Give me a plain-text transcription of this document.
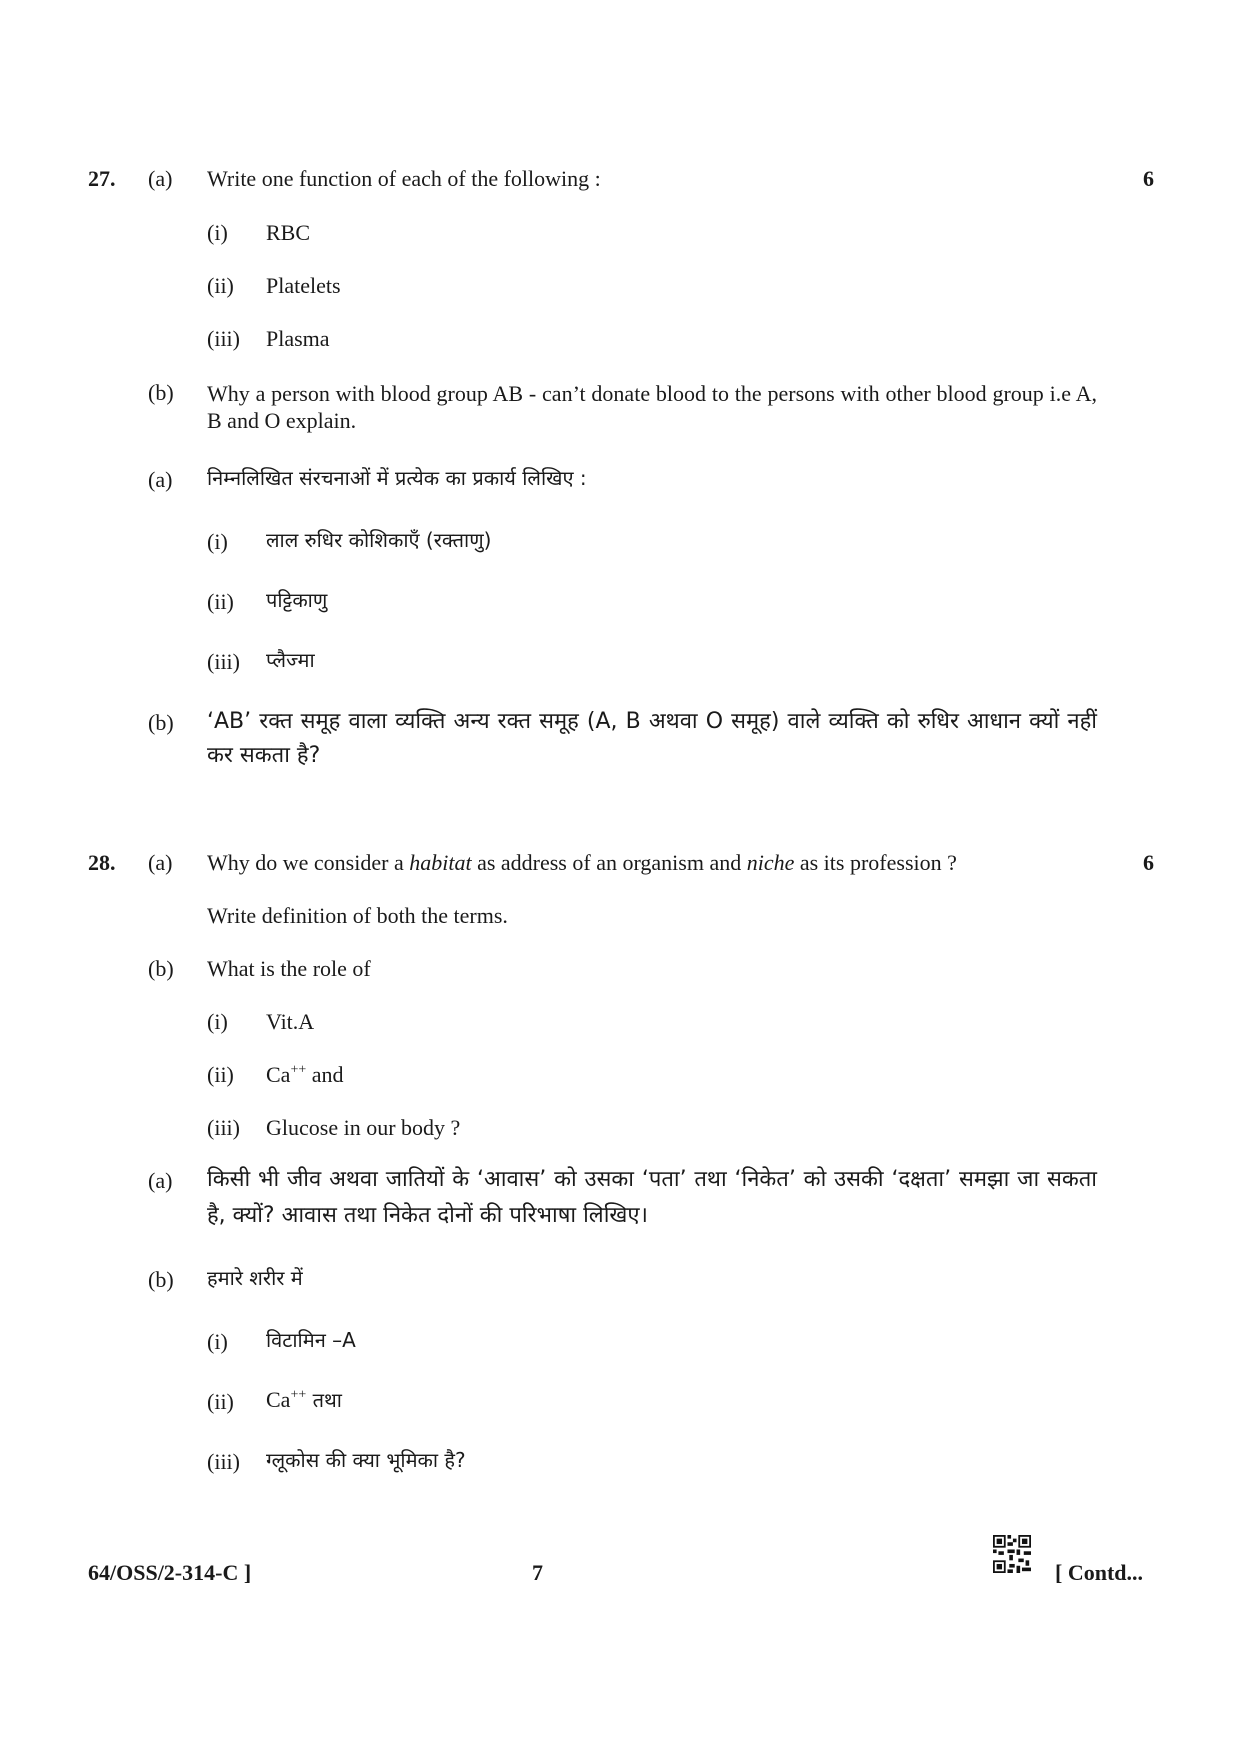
27. (a) Write one function of each of the following :	6
(i) RBC
(ii) Platelets
(iii) Plasma
(b) Why a person with blood group AB - can’t donate blood to the persons with other blood group i.e A, B and O explain.
(a) निम्नलिखित संरचनाओं में प्रत्येक का प्रकार्य लिखिए :
(i) लाल रुधिर कोशिकाएँ (रक्ताणु)
(ii) पट्टिकाणु
(iii) प्लैज्मा
(b) ‘AB’ रक्त समूह वाला व्यक्ति अन्य रक्त समूह (A, B अथवा O समूह) वाले व्यक्ति को रुधिर आधान क्यों नहीं कर सकता है?
28. (a) Why do we consider a habitat as address of an organism and niche as its profession ?	6
Write definition of both the terms.
(b) What is the role of
(i) Vit.A
(ii) Ca++ and
(iii) Glucose in our body ?
(a) किसी भी जीव अथवा जातियों के ‘आवास’ को उसका ‘पता’ तथा ‘निकेत’ को उसकी ‘दक्षता’ समझा जा सकता है, क्यों? आवास तथा निकेत दोनों की परिभाषा लिखिए।
(b) हमारे शरीर में
(i) विटामिन –A
(ii) Ca++ तथा
(iii) ग्लूकोस की क्या भूमिका है?
64/OSS/2-314-C ]	7	[ Contd...
